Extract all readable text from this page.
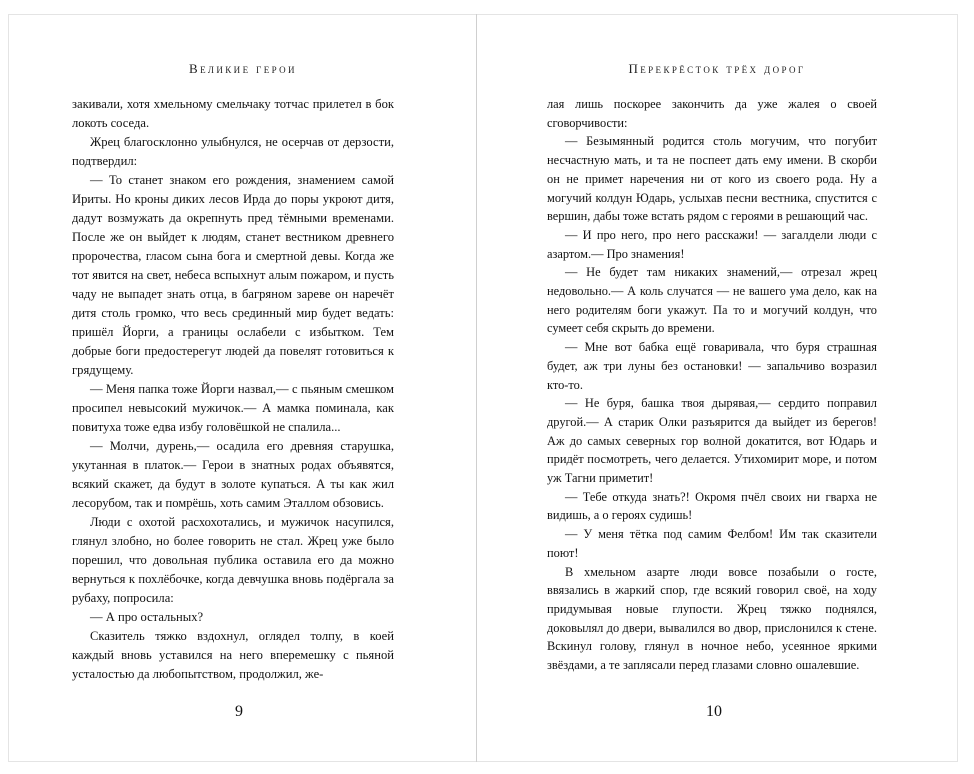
Великие герои

закивали, хотя хмельному смельчаку тотчас прилетел в бок локоть соседа.

Жрец благосклонно улыбнулся, не осерчав от дерзости, подтвердил:

— То станет знаком его рождения, знамением самой Ириты. Но кроны диких лесов Ирда до поры укроют дитя, дадут возмужать да окрепнуть пред тёмными временами. После же он выйдет к людям, станет вестником древнего пророчества, гласом сына бога и смертной девы. Когда же тот явится на свет, небеса вспыхнут алым пожаром, и пусть чаду не выпадет знать отца, в багряном зареве он наречёт дитя столь громко, что весь срединный мир будет ведать: пришёл Йорги, а границы ослабели с избытком. Тем добрые боги предостерегут людей да повелят готовиться к грядущему.

— Меня папка тоже Йорги назвал,— с пьяным смешком просипел невысокий мужичок.— А мамка поминала, как повитуха тоже едва избу головёшкой не спалила...

— Молчи, дурень,— осадила его древняя старушка, укутанная в платок.— Герои в знатных родах объявятся, всякий скажет, да будут в золоте купаться. А ты как жил лесорубом, так и помрёшь, хоть самим Эталлом обзовись.

Люди с охотой расхохотались, и мужичок насупился, глянул злобно, но более говорить не стал. Жрец уже было порешил, что довольная публика оставила его да можно вернуться к похлёбочке, когда девчушка вновь подёргала за рубаху, попросила:

— А про остальных?

Сказитель тяжко вздохнул, оглядел толпу, в коей каждый вновь уставился на него вперемешку с пьяной усталостью да любопытством, продолжил, же-

9
Перекрёсток трёх дорог

лая лишь поскорее закончить да уже жалея о своей сговорчивости:

— Безымянный родится столь могучим, что погубит несчастную мать, и та не поспеет дать ему имени. В скорби он не примет наречения ни от кого из своего рода. Ну а могучий колдун Юдарь, услыхав песни вестника, спустится с вершин, дабы тоже встать рядом с героями в решающий час.

— И про него, про него расскажи! — загалдели люди с азартом.— Про знамения!

— Не будет там никаких знамений,— отрезал жрец недовольно.— А коль случатся — не вашего ума дело, как на него родителям боги укажут. Па то и могучий колдун, что сумеет себя скрыть до времени.

— Мне вот бабка ещё говаривала, что буря страшная будет, аж три луны без остановки! — запальчиво возразил кто-то.

— Не буря, башка твоя дырявая,— сердито поправил другой.— А старик Олки разъярится да выйдет из берегов! Аж до самых северных гор волной докатится, вот Юдарь и придёт посмотреть, чего делается. Утихомирит море, и потом уж Тагни приметит!

— Тебе откуда знать?! Окромя пчёл своих ни гварха не видишь, а о героях судишь!

— У меня тётка под самим Фелбом! Им так сказители поют!

В хмельном азарте люди вовсе позабыли о госте, ввязались в жаркий спор, где всякий говорил своё, на ходу придумывая новые глупости. Жрец тяжко поднялся, доковылял до двери, вывалился во двор, прислонился к стене. Вскинул голову, глянул в ночное небо, усеянное яркими звёздами, а те заплясали перед глазами словно ошалевшие.

10
